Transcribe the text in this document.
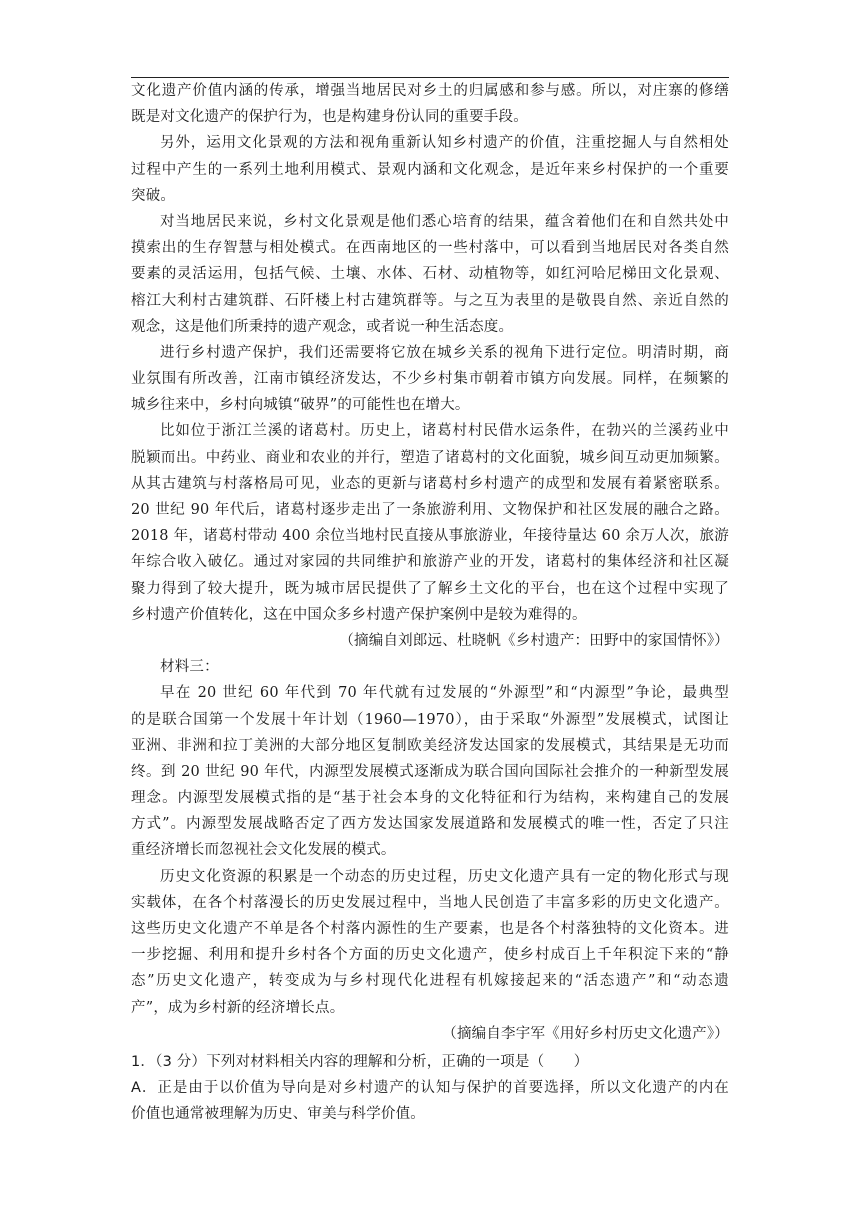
文化遗产价值内涵的传承，增强当地居民对乡土的归属感和参与感。所以，对庄寨的修缮
既是对文化遗产的保护行为，也是构建身份认同的重要手段。
另外，运用文化景观的方法和视角重新认知乡村遗产的价值，注重挖掘人与自然相处
过程中产生的一系列土地利用模式、景观内涵和文化观念，是近年来乡村保护的一个重要
突破。
对当地居民来说，乡村文化景观是他们悉心培育的结果，蕴含着他们在和自然共处中
摸索出的生存智慧与相处模式。在西南地区的一些村落中，可以看到当地居民对各类自然
要素的灵活运用，包括气候、土壤、水体、石材、动植物等，如红河哈尼梯田文化景观、
榕江大利村古建筑群、石阡楼上村古建筑群等。与之互为表里的是敬畏自然、亲近自然的
观念，这是他们所秉持的遗产观念，或者说一种生活态度。
进行乡村遗产保护，我们还需要将它放在城乡关系的视角下进行定位。明清时期，商
业氛围有所改善，江南市镇经济发达，不少乡村集市朝着市镇方向发展。同样，在频繁的
城乡往来中，乡村向城镇“破界”的可能性也在增大。
比如位于浙江兰溪的诸葛村。历史上，诸葛村村民借水运条件，在勃兴的兰溪药业中
脱颖而出。中药业、商业和农业的并行，塑造了诸葛村的文化面貌，城乡间互动更加频繁。
从其古建筑与村落格局可见，业态的更新与诸葛村乡村遗产的成型和发展有着紧密联系。
20 世纪 90 年代后，诸葛村逐步走出了一条旅游利用、文物保护和社区发展的融合之路。
2018 年，诸葛村带动 400 余位当地村民直接从事旅游业，年接待量达 60 余万人次，旅游
年综合收入破亿。通过对家园的共同维护和旅游产业的开发，诸葛村的集体经济和社区凝
聚力得到了较大提升，既为城市居民提供了了解乡土文化的平台，也在这个过程中实现了
乡村遗产价值转化，这在中国众多乡村遗产保护案例中是较为难得的。
（摘编自刘郎远、杜晓帆《乡村遗产：田野中的家国情怀》）
材料三：
早在 20 世纪 60 年代到 70 年代就有过发展的“外源型”和“内源型”争论，最典型
的是联合国第一个发展十年计划（1960—1970），由于采取“外源型”发展模式，试图让
亚洲、非洲和拉丁美洲的大部分地区复制欧美经济发达国家的发展模式，其结果是无功而
终。到 20 世纪 90 年代，内源型发展模式逐渐成为联合国向国际社会推介的一种新型发展
理念。内源型发展模式指的是“基于社会本身的文化特征和行为结构，来构建自己的发展
方式”。内源型发展战略否定了西方发达国家发展道路和发展模式的唯一性，否定了只注
重经济增长而忽视社会文化发展的模式。
历史文化资源的积累是一个动态的历史过程，历史文化遗产具有一定的物化形式与现
实载体，在各个村落漫长的历史发展过程中，当地人民创造了丰富多彩的历史文化遗产。
这些历史文化遗产不单是各个村落内源性的生产要素，也是各个村落独特的文化资本。进
一步挖掘、利用和提升乡村各个方面的历史文化遗产，使乡村成百上千年积淀下来的“静
态”历史文化遗产，转变成为与乡村现代化进程有机嫁接起来的“活态遗产”和“动态遗
产”，成为乡村新的经济增长点。
（摘编自李宇军《用好乡村历史文化遗产》）
1．（3 分）下列对材料相关内容的理解和分析，正确的一项是（　　）
A．正是由于以价值为导向是对乡村遗产的认知与保护的首要选择，所以文化遗产的内在
价值也通常被理解为历史、审美与科学价值。
